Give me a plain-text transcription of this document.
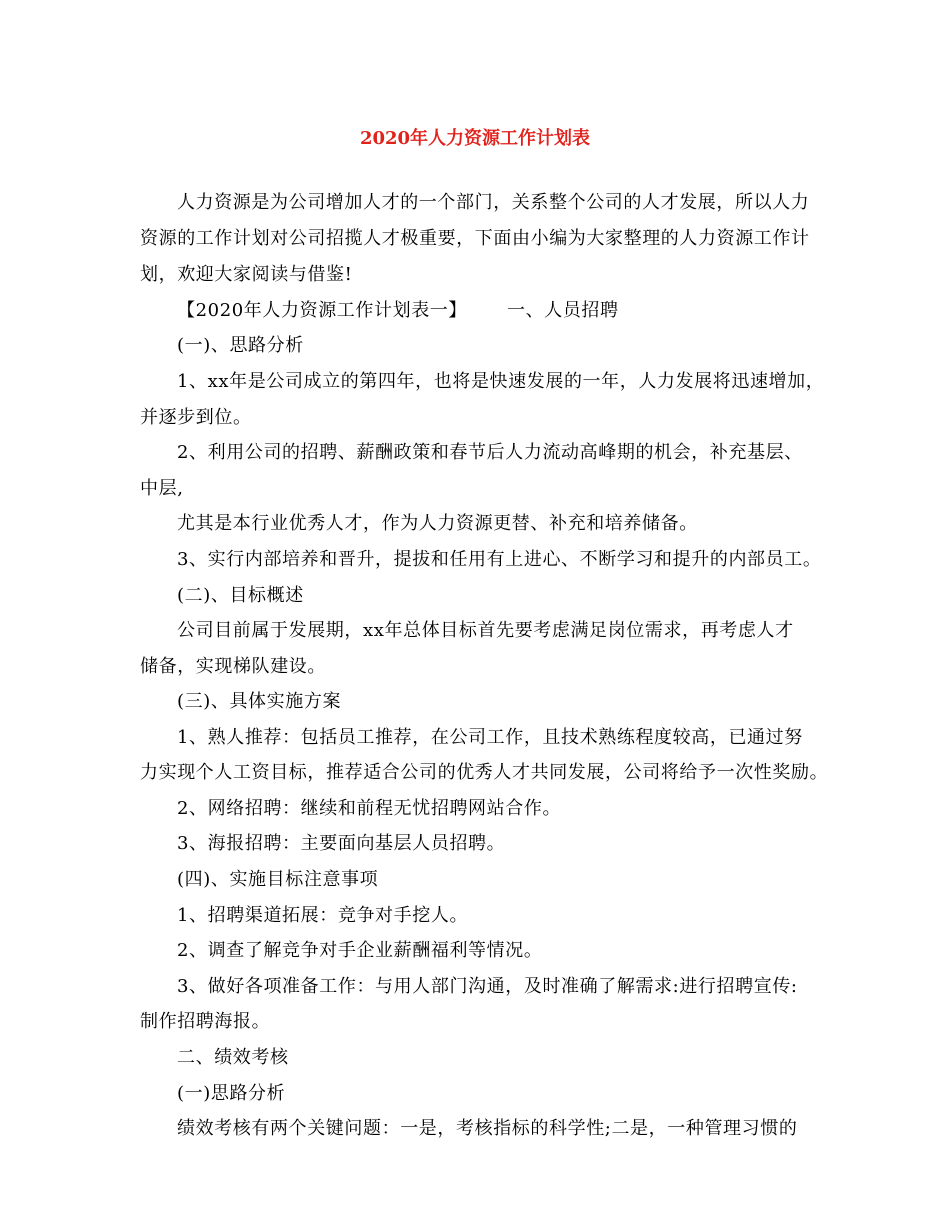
2020年人力资源工作计划表
人力资源是为公司增加人才的一个部门，关系整个公司的人才发展，所以人力
资源的工作计划对公司招揽人才极重要，下面由小编为大家整理的人力资源工作计
划，欢迎大家阅读与借鉴!
【2020年人力资源工作计划表一】 一、人员招聘
(一)、思路分析
1、xx年是公司成立的第四年，也将是快速发展的一年，人力发展将迅速增加，
并逐步到位。
2、利用公司的招聘、薪酬政策和春节后人力流动高峰期的机会，补充基层、
中层,
尤其是本行业优秀人才，作为人力资源更替、补充和培养储备。
3、实行内部培养和晋升，提拔和任用有上进心、不断学习和提升的内部员工。
(二)、目标概述
公司目前属于发展期，xx年总体目标首先要考虑满足岗位需求，再考虑人才
储备，实现梯队建设。
(三)、具体实施方案
1、熟人推荐：包括员工推荐，在公司工作，且技术熟练程度较高，已通过努
力实现个人工资目标，推荐适合公司的优秀人才共同发展，公司将给予一次性奖励。
2、网络招聘：继续和前程无忧招聘网站合作。
3、海报招聘：主要面向基层人员招聘。
(四)、实施目标注意事项
1、招聘渠道拓展：竞争对手挖人。
2、调查了解竞争对手企业薪酬福利等情况。
3、做好各项准备工作：与用人部门沟通，及时准确了解需求:进行招聘宣传:
制作招聘海报。
二、绩效考核
(一)思路分析
绩效考核有两个关键问题：一是，考核指标的科学性;二是，一种管理习惯的
